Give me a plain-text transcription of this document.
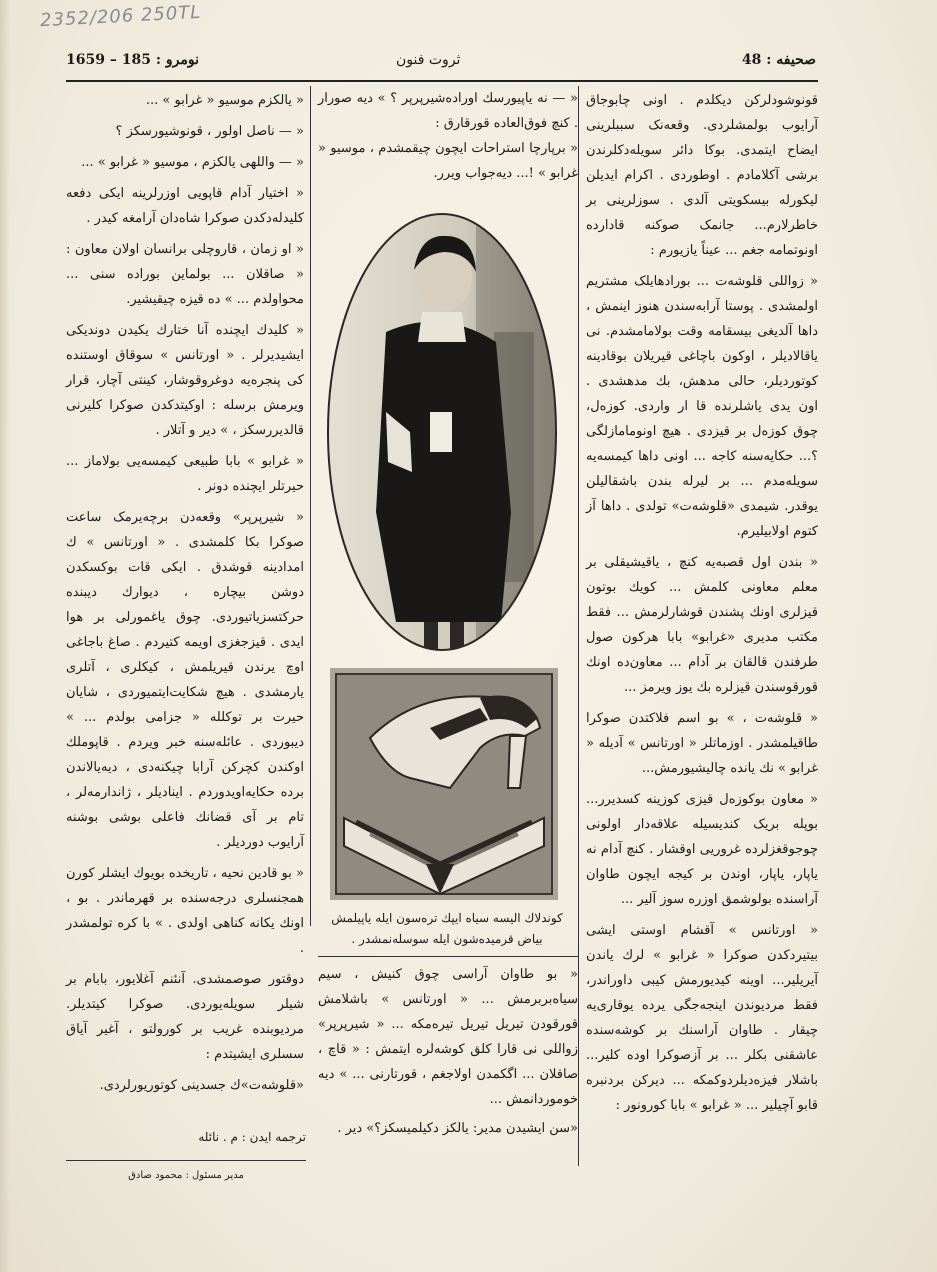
2352/206 250TL
نومرو : 185 – 1659	ثروت فنون	صحیفه : 48

قونوشودلرکن دیکلدم . اونی چابوجاق آرایوب بولمشلردی. وقعه‌نک سببلرینی ایضاح ایتمدی. بوکا دائر سویله‌دکلرندن برشی آکلامادم . اوطوردی . اکرام ایدیلن لیکورله بیسکویتی آلدی . سوزلرینی بر خاطرلارم... جانمک صوکنه قادارده اونوتمامه جغم ... عیناً یازیورم :

« زواللی قلوشه‌ت ... بورادهایلک مشتریم اولمشدی . پوستا آرابه‌سندن هنوز اینمش ، داها آلدیغی بیسقامه وقت بولامامشدم. نی یاقالادیلر ، اوکون باچاغی قیریلان بوقادینه کوتوردیلر، حالی مدهش، بك مدهشدی . اون یدی یاشلرنده قا ار واردی. کوزەل، چوق کوزەل بر قیزدی . هیچ اونومامازلگی ؟... حکایه‌سنه کاجه ... اونی داها کیمسه‌یه سویله‌مدم ... بر لیرله بندن باشقالیلن یوقدر. شیمدی «قلوشه‌ت» تولدی . داها آز کتوم اولابیلیرم.

« بندن اول قصبه‌یه کنچ ، یاقیشیقلی بر معلم معاونی کلمش ... کویك بوتون قیزلری اونك پشندن قوشارلرمش ... فقط مکتب مدیری «غرابو» بابا هرکون صول طرفندن قالقان بر آدام ... معاون‌ده اونك قورقوسندن قیزلره بك یوز ویرمز ...

« قلوشه‌ت ، » بو اسم فلاکتدن صوکرا طاقیلمشدر . اوزماتلر « اورتانس » آدیله « غرابو » نك یانده چالیشیورمش...

« معاون بوکوزەل قیزی کوزینه کسدیرر... بوپله بریک کندیسیله علاقه‌دار اولونی چوجوقغزلرده غروریی اوقشار . کنچ آدام نه یاپار، یاپار، اوندن بر کیجه ایچون طاوان آراسنده بولوشمق اوزره سوز آلیر ...

« اورتانس » آقشام اوستی ایشی بیتیردکدن صوکرا « غرابو » لرك یاندن آیریلیر... اوینه کیدیورمش کیبی داوراندر، فقط مردیوندن اینجه‌جگی یرده یوقاری‌یه چیقار . طاوان آراسنك بر کوشه‌سنده عاشقنی بکلر ... بر آزصوکرا اوده کلیر... باشلار فیزه‌دیلردوکمکه ... دیرکن بردنبره قابو آچیلیر ... « غرابو » بابا کورونور :

« — نه یاپیورسك اوراده‌شیرپر‌پر ؟ » دیه صورار . کنچ فوق‌العاده قورقارق :

« برپارچا استراحات ایچون چیقمشدم ، موسیو « غرابو » !... دیه‌جواب ویرر.

کوندلاك الیسه سیاه ایپك تره‌سون ایله یاپیلمش
بیاض قرمیده‌شون ایله سوسله‌نمشدر .

« بو طاوان آراسی چوق کنیش ، سیم سیاه‌بر‌برمش ... « اورتانس » باشلامش قورقودن تیریل تیریل تیره‌مکه ... « شیرپر‌پر» زواللی نی قارا کلق کوشه‌لره ایتمش : « قاچ ، صاقلان ... اگکمدن اولاجغم ، قورتارنی ... » دیه خوموردانمش ...

«سن ایشیدن مدیر: یالکز دکیلمیسکز؟» دیر .

« یالکزم موسیو « غرابو » ...

« — ناصل اولور ، قونوشیورسکز ؟

« — واللهی یالکزم ، موسیو « غرابو » ...

« اختیار آدام قاپویی اوزرلرینه ایکی دفعه کلیدله‌دکدن صوکرا شاه‌دان آرامغه کیدر .

« او زمان ، قاروچلی برانسان اولان معاون : « صاقلان ... بولماین بوراده سنی ... محواولدم ... » ده قیزه چیقیشیر.

« کلیدك ایچنده آنا ختارك یکیدن دوندیکی ایشیدیرلر . « اورتانس » سوقاق اوستنده کی پنجره‌یه دوغروقوشار، کینتی آچار، قرار ویرمش برسله : اوکیتدکدن صوکرا کلیرنی قالدیررسکز ، » دیر و آتلار .

« غرابو » بابا طبیعی کیمسه‌یی بولاماز ... حیرتلر ایچنده دونر .

« شیرپر‌پر» وقعه‌دن برچه‌یرمک ساعت صوکرا بکا کلمشدی . « اورتانس » ك امدادینه قوشدق . ایکی قات بوکسکدن دوشن بیچاره ، دیوارك دیبنده حرکتسزیاتیوردی. چوق یاغمورلی بر هوا ایدی . قیزجغزی اویمه کتیردم . صاغ باجاغی اوچ یرندن قیریلمش ، کیکلری ، آتلری یارمشدی . هیچ شکایت‌ایتمیوردی ، شایان حیرت بر توکلله « جزامی بولدم ... » دیبوردی . عائله‌سنه خبر ویردم . قاپوملك اوکندن کچرکن آرابا چیکنه‌دی ، دیه‌یالاندن برده حکایه‌اویدوردم . اینادیلر ، ژاندارمه‌لر ، تام بر آی قضانك فاعلی بوشی بوشنه آرایوب دوردیلر .

« بو قادین نحیه ، تاریخده بویوك ایشلر کورن همجنسلری درجه‌سنده بر قهرماندر . بو ، اونك یکانه کناهی اولدی . » با کره تولمشدر .

دوقتور صوصمشدی. آنئنم آغلایور، بابام بر شیلر سویله‌یوردی. صوکرا کیتدیلر. مردیوبنده غریب بر کورولتو ، آغیر آیاق سسلری ایشیتدم :

«قلوشه‌ت»ك جسدینی کوتوریورلردی.

ترجمه ایدن : م . نائله
مدیر مسئول : محمود صادق
